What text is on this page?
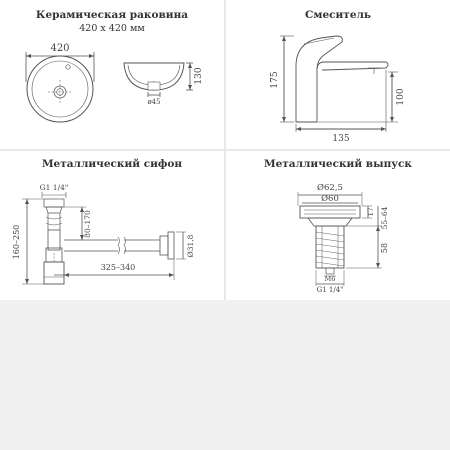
Керамическая раковина
420 x 420 мм
420
130
ø45
Смеситель
175
100
135
Металлический сифон
G1 1/4"
80–170
160–250
325–340
Ø31,8
Металлический выпуск
Ø62,5
Ø60
17 55–64
58
M6
G1 1/4"
